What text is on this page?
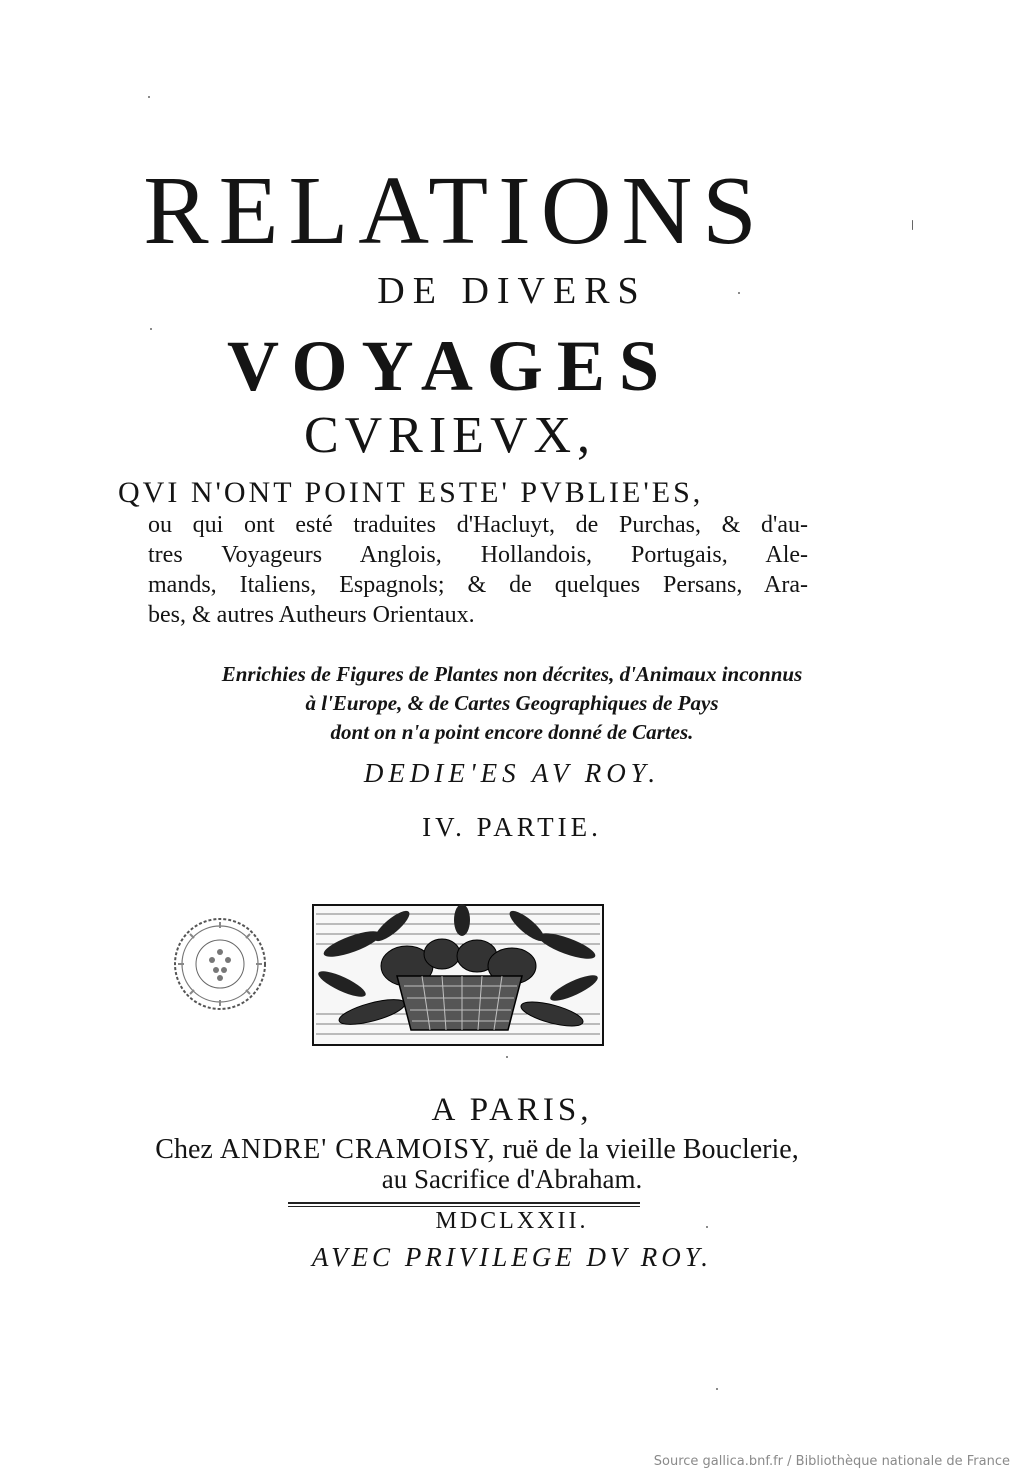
RELATIONS
DE DIVERS
VOYAGES
CVRIEVX,
QVI N'ONT POINT ESTE' PVBLIE'ES,
ou qui ont esté traduites d'Hacluyt, de Purchas, & d'au-
tres Voyageurs Anglois, Hollandois, Portugais, Ale-
mands, Italiens, Espagnols; & de quelques Persans, Ara-
bes, & autres Autheurs Orientaux.
Enrichies de Figures de Plantes non décrites, d'Animaux inconnus
à l'Europe, & de Cartes Geographiques de Pays
dont on n'a point encore donné de Cartes.
DEDIE'ES AV ROY.
IV. PARTIE.
A PARIS,
Chez ANDRE' CRAMOISY, ruë de la vieille Bouclerie,
au Sacrifice d'Abraham.
MDCLXXII.
AVEC PRIVILEGE DV ROY.
Source gallica.bnf.fr / Bibliothèque nationale de France
